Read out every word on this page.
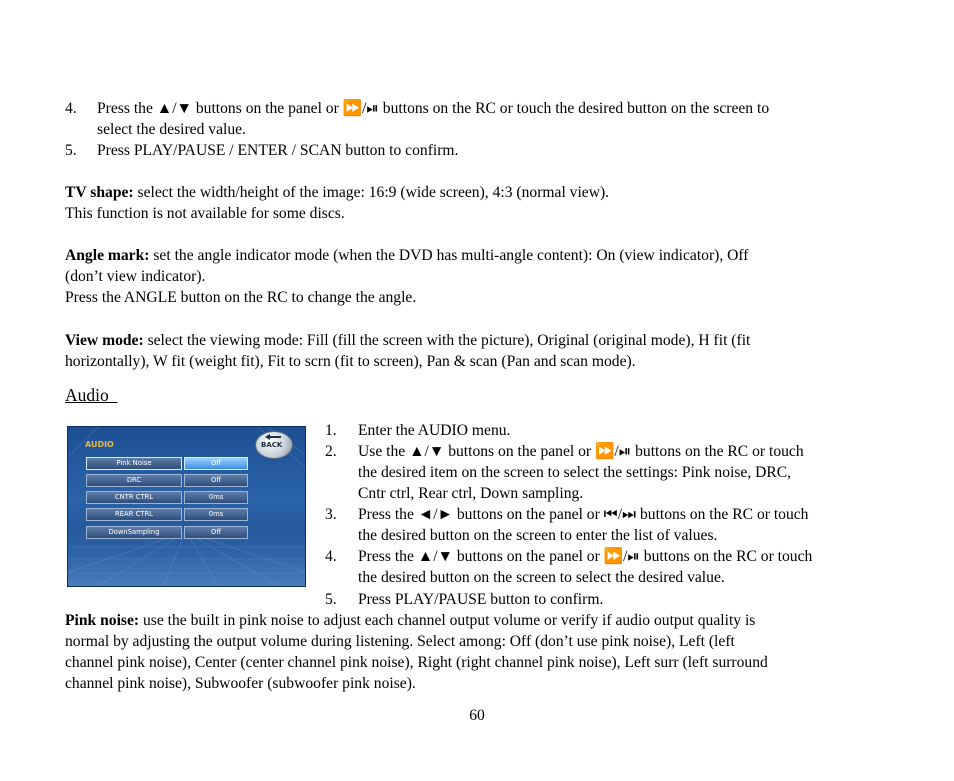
4. Press the ▲/▼ buttons on the panel or ⏩/⏯ buttons on the RC or touch the desired button on the screen to
select the desired value.
5. Press PLAY/PAUSE / ENTER / SCAN button to confirm.
TV shape: select the width/height of the image: 16:9 (wide screen), 4:3 (normal view).
This function is not available for some discs.
Angle mark: set the angle indicator mode (when the DVD has multi-angle content): On (view indicator), Off
(don’t view indicator).
Press the ANGLE button on the RC to change the angle.
View mode: select the viewing mode: Fill (fill the screen with the picture), Original (original mode), H fit (fit
horizontally), W fit (weight fit), Fit to scrn (fit to screen), Pan & scan (Pan and scan mode).
Audio
AUDIO	BACK
Pink Noise	Off
DRC	Off
CNTR CTRL	0ms
REAR CTRL	0ms
DownSampling	Off
1. Enter the AUDIO menu.
2. Use the ▲/▼ buttons on the panel or ⏩/⏯ buttons on the RC or touch
the desired item on the screen to select the settings: Pink noise, DRC,
Cntr ctrl, Rear ctrl, Down sampling.
3. Press the ◄/► buttons on the panel or ⏮/⏭ buttons on the RC or touch
the desired button on the screen to enter the list of values.
4. Press the ▲/▼ buttons on the panel or ⏩/⏯ buttons on the RC or touch
the desired button on the screen to select the desired value.
5. Press PLAY/PAUSE button to confirm.
Pink noise: use the built in pink noise to adjust each channel output volume or verify if audio output quality is
normal by adjusting the output volume during listening. Select among: Off (don’t use pink noise), Left (left
channel pink noise), Center (center channel pink noise), Right (right channel pink noise), Left surr (left surround
channel pink noise), Subwoofer (subwoofer pink noise).
60
